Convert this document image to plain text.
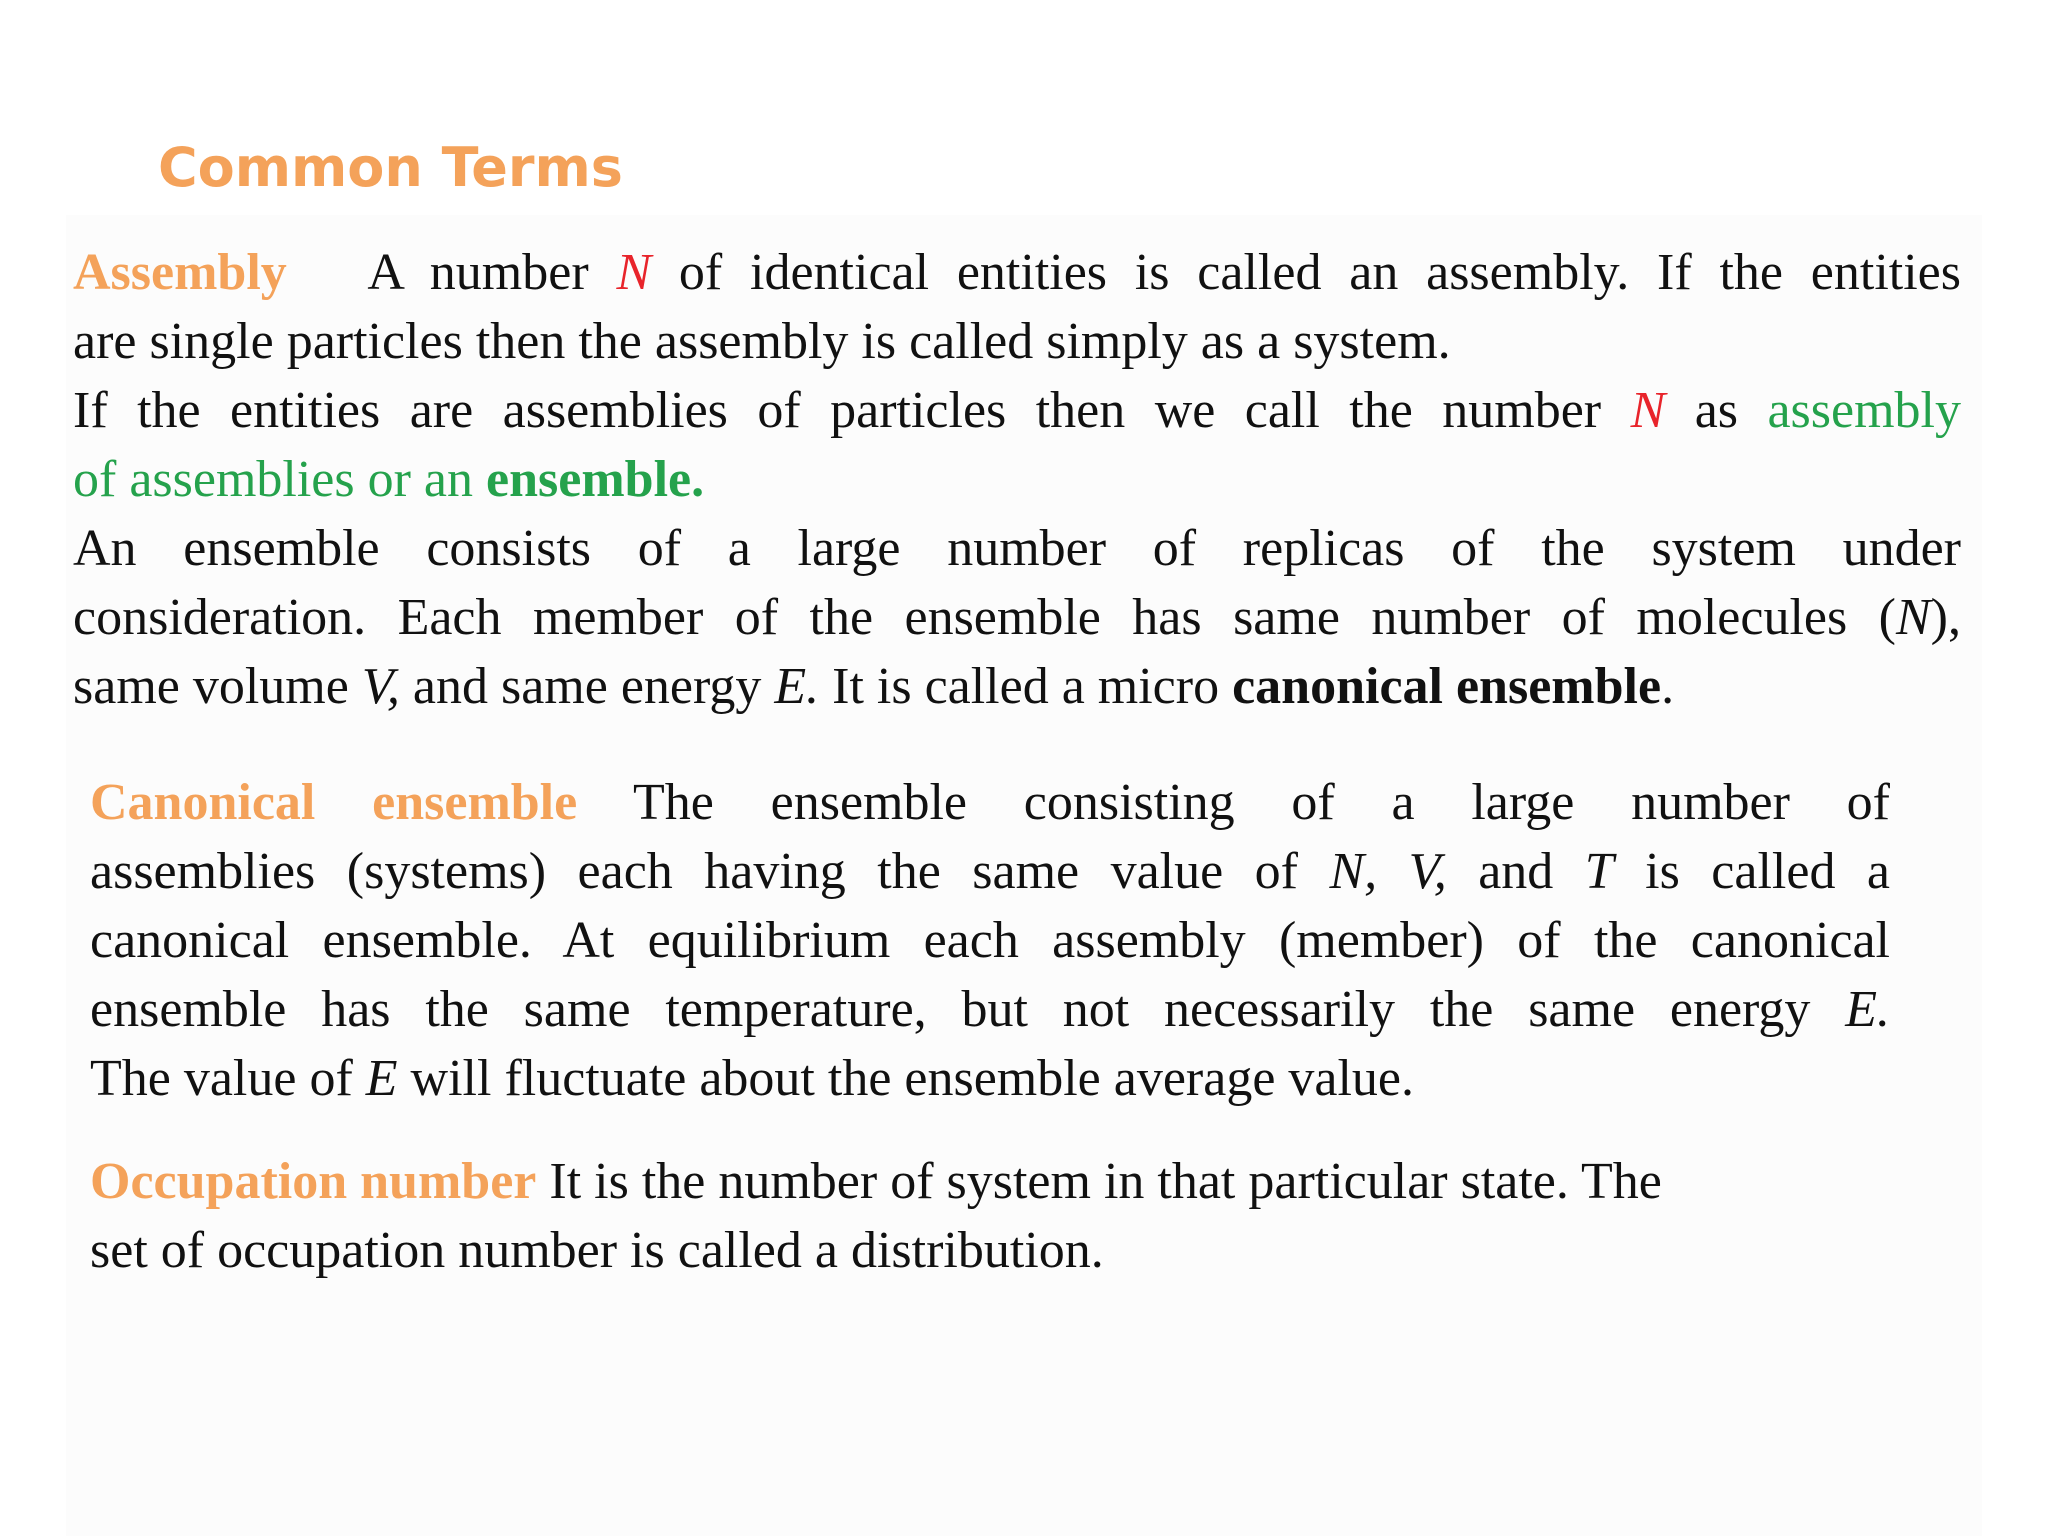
Common Terms
Assembly A number N of identical entities is called an assembly. If the entities
are single particles then the assembly is called simply as a system.
If the entities are assemblies of particles then we call the number N as assembly
of assemblies or an ensemble.
An ensemble consists of a large number of replicas of the system under
consideration. Each member of the ensemble has same number of molecules (N),
same volume V, and same energy E. It is called a micro canonical ensemble.
Canonical ensemble The ensemble consisting of a large number of
assemblies (systems) each having the same value of N, V, and T is called a
canonical ensemble. At equilibrium each assembly (member) of the canonical
ensemble has the same temperature, but not necessarily the same energy E.
The value of E will fluctuate about the ensemble average value.
Occupation number It is the number of system in that particular state. The
set of occupation number is called a distribution.
